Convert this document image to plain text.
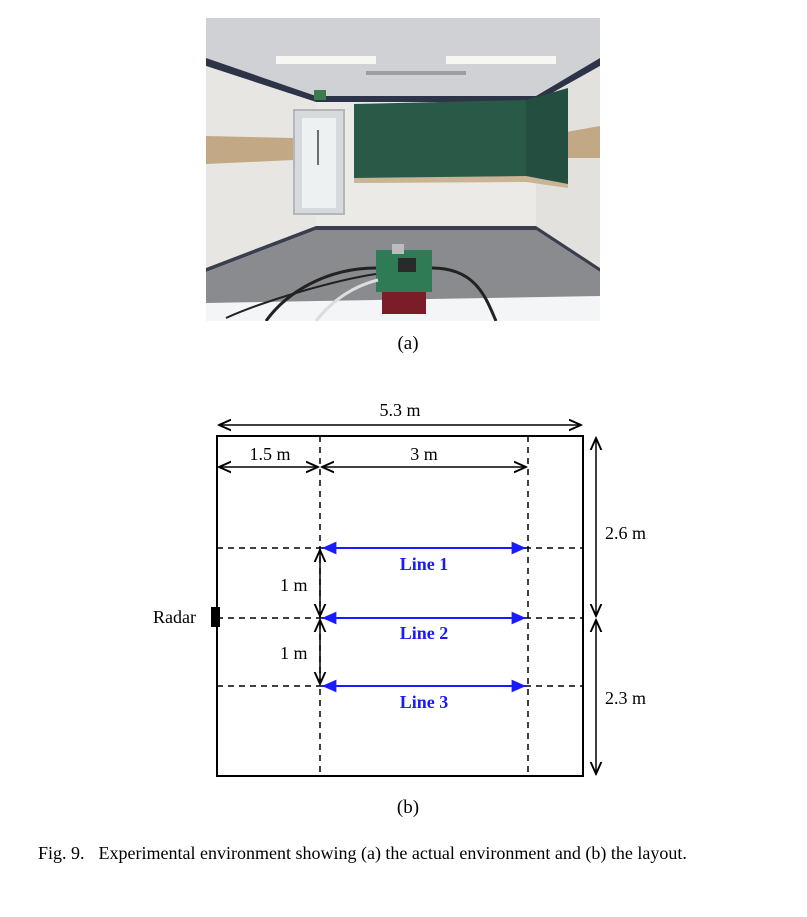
(a)
5.3 m
1.5 m	3 m
2.6 m
2.3 m
1 m
1 m
Line 1
Line 2
Line 3
Radar
(b)
Fig. 9. Experimental environment showing (a) the actual environment and (b) the layout.
